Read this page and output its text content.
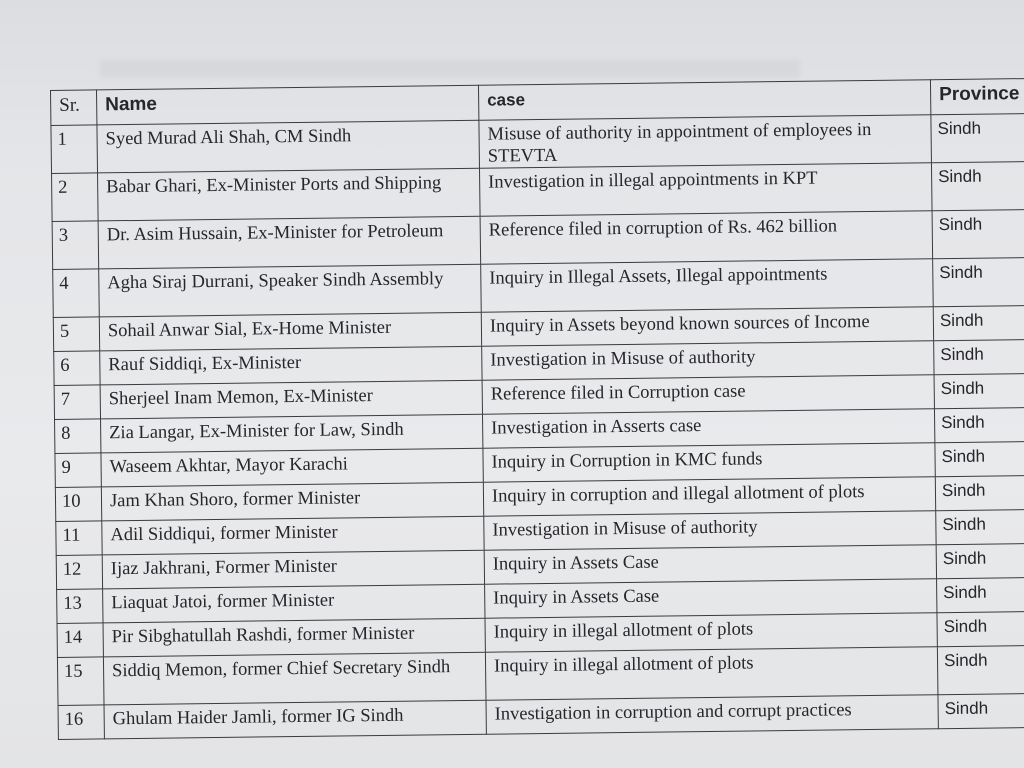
Sr.	Name	case	Province
1	Syed Murad Ali Shah, CM Sindh	Misuse of authority in appointment of employees in STEVTA	Sindh
2	Babar Ghari, Ex-Minister Ports and Shipping	Investigation in illegal appointments in KPT	Sindh
3	Dr. Asim Hussain, Ex-Minister for Petroleum	Reference filed in corruption of Rs. 462 billion	Sindh
4	Agha Siraj Durrani, Speaker Sindh Assembly	Inquiry in Illegal Assets, Illegal appointments	Sindh
5	Sohail Anwar Sial, Ex-Home Minister	Inquiry in Assets beyond known sources of Income	Sindh
6	Rauf Siddiqi, Ex-Minister	Investigation in Misuse of authority	Sindh
7	Sherjeel Inam Memon, Ex-Minister	Reference filed in Corruption case	Sindh
8	Zia Langar, Ex-Minister for Law, Sindh	Investigation in Asserts case	Sindh
9	Waseem Akhtar, Mayor Karachi	Inquiry in Corruption in KMC funds	Sindh
10	Jam Khan Shoro, former Minister	Inquiry in corruption and illegal allotment of plots	Sindh
11	Adil Siddiqui, former Minister	Investigation in Misuse of authority	Sindh
12	Ijaz Jakhrani, Former Minister	Inquiry in Assets Case	Sindh
13	Liaquat Jatoi, former Minister	Inquiry in Assets Case	Sindh
14	Pir Sibghatullah Rashdi, former Minister	Inquiry in illegal allotment of plots	Sindh
15	Siddiq Memon, former Chief Secretary Sindh	Inquiry in illegal allotment of plots	Sindh
16	Ghulam Haider Jamli, former IG Sindh	Investigation in corruption and corrupt practices	Sindh
